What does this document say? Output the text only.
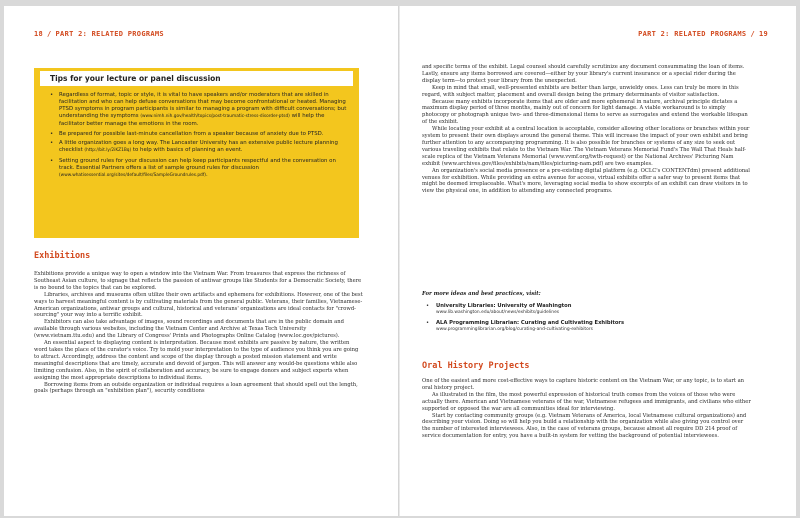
18 / PART 2: RELATED PROGRAMS
Tips for your lecture or panel discussion
• Regardless of format, topic or style, it is vital to have speakers and/or moderators that are skilled in facilitation and who can help defuse conversations that may become confrontational or heated. Managing PTSD symptoms in program participants is similar to managing a program with difficult conversations; but understanding the symptoms (www.nimh.nih.gov/health/topics/post-traumatic-stress-disorder-ptsd) will help the facilitator better manage the emotions in the room.
• Be prepared for possible last-minute cancellation from a speaker because of anxiety due to PTSD.
• A little organization goes a long way. The Lancaster University has an extensive public lecture planning checklist (http://bit.ly/2iKZ1Bq) to help with basics of planning an event.
• Setting ground rules for your discussion can help keep participants respectful and the conversation on track. Essential Partners offers a list of sample ground rules for discussion (www.whatisessential.org/sites/default/files/SampleGroundrules.pdf).
Exhibitions

Exhibitions provide a unique way to open a window into the Vietnam War. From treasures that express the richness of Southeast Asian culture, to signage that reflects the passion of antiwar groups like Students for a Democratic Society, there is no bound to the topics that can be explored.

Libraries, archives and museums often utilize their own artifacts and ephemera for exhibitions. However, one of the best ways to harvest meaningful content is by cultivating materials from the general public. Veterans, their families, Vietnamese-American organizations, antiwar groups and cultural, historical and veterans' organizations are ideal contacts for "crowd-sourcing" your way into a terrific exhibit.

Exhibitors can also take advantage of images, sound recordings and documents that are in the public domain and available through various websites, including the Vietnam Center and Archive at Texas Tech University (www.vietnam.ttu.edu) and the Library of Congress' Prints and Photographs Online Catalog (www.loc.gov/pictures).

An essential aspect to displaying content is interpretation. Because most exhibits are passive by nature, the written word takes the place of the curator's voice. Try to mold your interpretation to the type of audience you think you are going to attract. Accordingly, address the content and scope of the display through a posted mission statement and write meaningful descriptions that are timely, accurate and devoid of jargon. This will answer any would-be questions while also limiting confusion. Also, in the spirit of collaboration and accuracy, be sure to engage donors and subject experts when assigning the most appropriate descriptions to individual items.

Borrowing items from an outside organization or individual requires a loan agreement that should spell out the length, goals (perhaps through an "exhibition plan"), security conditions

PART 2: RELATED PROGRAMS / 19

and specific terms of the exhibit. Legal counsel should carefully scrutinize any document consummating the loan of items. Lastly, ensure any items borrowed are covered—either by your library's current insurance or a special rider during the display term—to protect your library from the unexpected.

Keep in mind that small, well-presented exhibits are better than large, unwieldy ones. Less can truly be more in this regard, with subject matter, placement and overall design being the primary determinants of visitor satisfaction.

Because many exhibits incorporate items that are older and more ephemeral in nature, archival principle dictates a maximum display period of three months, mainly out of concern for light damage. A viable workaround is to simply photocopy or photograph unique two- and three-dimensional items to serve as surrogates and extend the workable lifespan of the exhibit.

While locating your exhibit at a central location is acceptable, consider allowing other locations or branches within your system to present their own displays around the general theme. This will increase the impact of your own exhibit and bring further attention to any accompanying programming. It is also possible for branches or systems of any size to seek out various traveling exhibits that relate to the Vietnam War. The Vietnam Veterans Memorial Fund's The Wall That Heals half-scale replica of the Vietnam Veterans Memorial (www.vvmf.org/twth-request) or the National Archives' Picturing Nam exhibit (www.archives.gov/files/exhibits/nam/files/picturing-nam.pdf) are two examples.

An organization's social media presence or a pre-existing digital platform (e.g. OCLC's CONTENTdm) present additional venues for exhibition. While providing an extra avenue for access, virtual exhibits offer a safer way to present items that might be deemed irreplaceable. What's more, leveraging social media to show excerpts of an exhibit can draw visitors in to view the physical one, in addition to attending any connected programs.

For more ideas and best practices, visit:
• University Libraries: University of Washington
www.lib.washington.edu/about/news/exhibits/guidelines
• ALA Programming Librarian: Curating and Cultivating Exhibitors
www.programminglibrarian.org/blog/curating-and-cultivating-exhibitors
Oral History Projects

One of the easiest and more cost-effective ways to capture historic content on the Vietnam War, or any topic, is to start an oral history project.

As illustrated in the film, the most powerful expression of historical truth comes from the voices of those who were actually there. American and Vietnamese veterans of the war, Vietnamese refugees and immigrants, and civilians who either supported or opposed the war are all communities ideal for interviewing.

Start by contacting community groups (e.g. Vietnam Veterans of America, local Vietnamese cultural organizations) and describing your vision. Doing so will help you build a relationship with the organization while also giving you control over the number of interested interviewees. Also, in the case of veterans groups, because almost all require DD 214 proof of service documentation for entry, you have a built-in system for vetting the background of potential interviewees.
